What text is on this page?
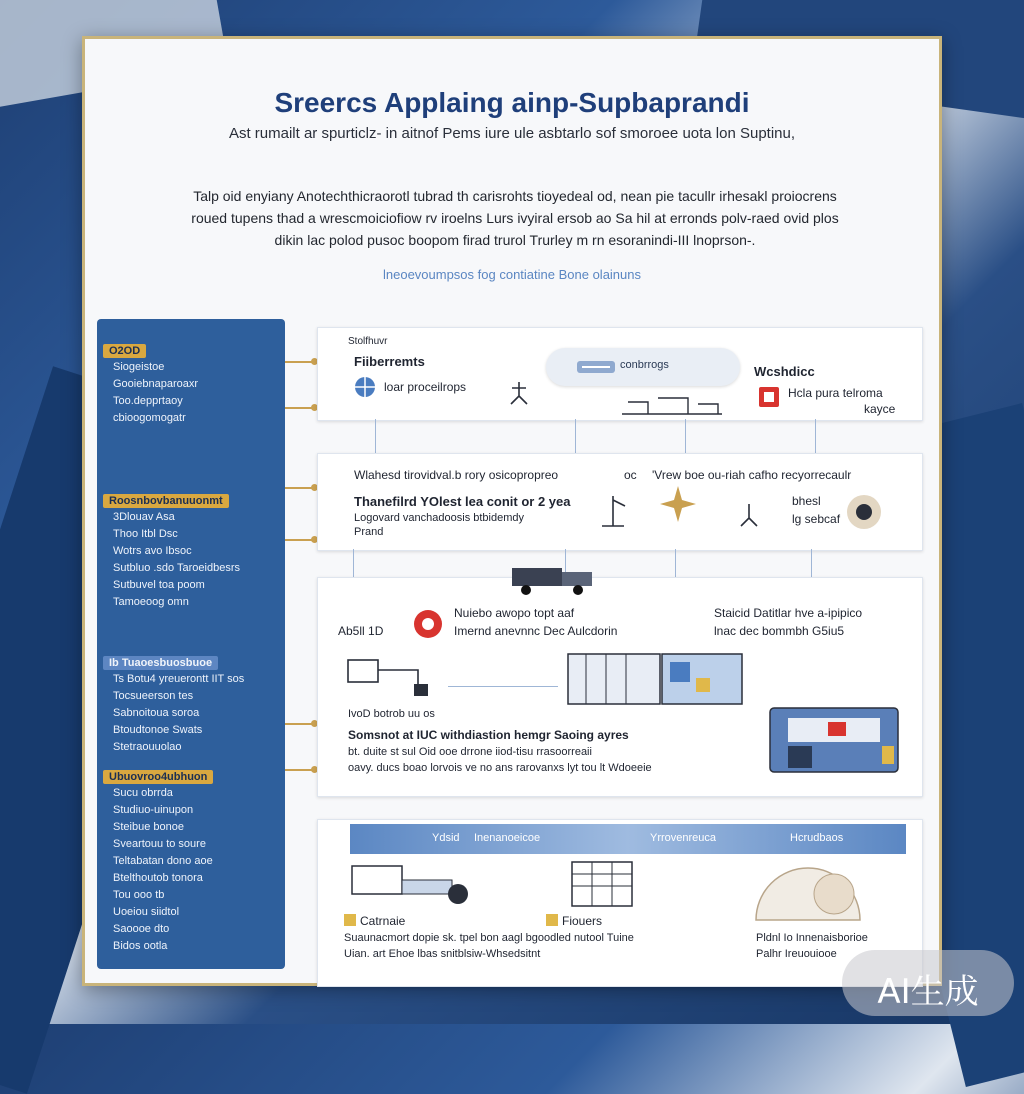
Sreercs Applaing ainp-Supbaprandi
Ast rumailt ar spurticlz- in aitnof Pems iure ule asbtarlo sof smoroee uota lon Suptinu,
Talp oid enyiany Anotechthicraorotl tubrad th carisrohts tioyedeal od, nean pie tacullr irhesakl proiocrens
roued tupens thad a wrescmoiciofiow rv iroelns Lurs ivyiral ersob ao Sa hil at erronds polv-raed ovid plos
dikin lac polod pusoc boopom firad trurol Trurley m rn esoranindi-III lnoprson-.
lneoevoumpsos fog contiatine Bone olainuns
O2OD
Siogeistoe
Gooiebnaparoaxr
Too.depprtaoy
cbioogomogatr
Roosnbovbanuuonmt
3Dlouav Asa
Thoo Itbl Dsc
Wotrs avo Ibsoc
Sutbluo .sdo Taroeidbesrs
Sutbuvel toa poom
Tamoeoog omn
Ib Tuaoesbuosbuoe
Ts Botu4 yreuerontt IIT sos
Tocsueerson tes
Sabnoitoua soroa
Btoudtonoe Swats
Stetraouuolao
Ubuovroo4ubhuon
Sucu obrrda
Studiuo-uinupon
Steibue bonoe
Sveartouu to soure
Teltabatan dono aoe
Btelthoutob tonora
Tou ooo tb
Uoeiou siidtol
Saoooe dto
Bidos ootla
Stolfhuvr
Fiiberremts
loar proceilrops
conbrrogs	Wcshdicc
Hcla pura telroma
kayce
Wlahesd tirovidval.b rory osicopropreo	oc 'Vrew boe ou-riah cafho recyorrecaulr
Thanefilrd YOlest lea conit or 2 yea
Logovard vanchadoosis btbidemdy
Prand
bhesl
lg sebcaf
Ab5ll 1D
Nuiebo awopo topt aaf
Imernd anevnnc Dec Aulcdorin
Staicid Datitlar hve a-ipipico
lnac dec bommbh G5iu5
IvoD botrob uu os
Somsnot at IUC withdiastion hemgr Saoing ayres
bt. duite st sul Oid ooe drrone iiod-tisu rrasoorreaii
oavy. ducs boao lorvois ve no ans rarovanxs lyt tou lt Wdoeeie
Ydsid Inenanoeicoe	Yrrovenreuca	Hcrudbaos
Catrnaie	Fiouers
Suaunacmort dopie sk. tpel bon aagl bgoodled nutool Tuine
Uian. art Ehoe lbas snitblsiw-Whsedsitnt
Pldnl Io Innenaisborioe
Palhr Ireuouiooe
AI生成
